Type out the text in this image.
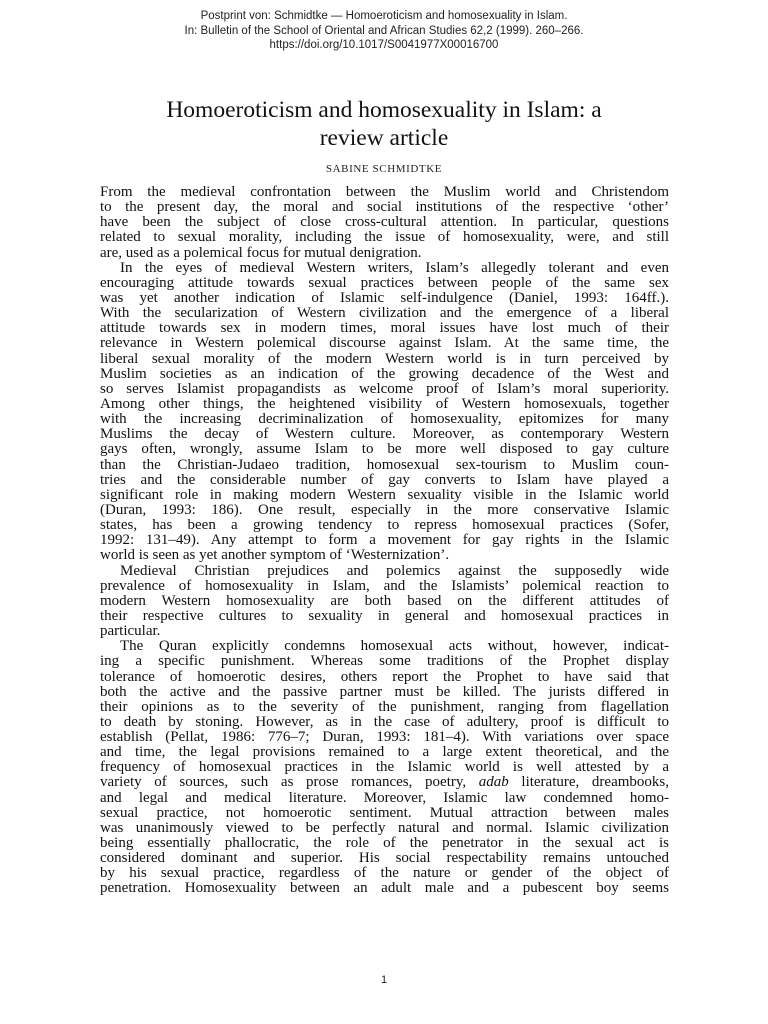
Postprint von: Schmidtke — Homoeroticism and homosexuality in Islam.
In: Bulletin of the School of Oriental and African Studies 62,2 (1999). 260–266.
https://doi.org/10.1017/S0041977X00016700
Homoeroticism and homosexuality in Islam: a
review article
SABINE SCHMIDTKE
From the medieval confrontation between the Muslim world and Christendom
to the present day, the moral and social institutions of the respective ‘other’
have been the subject of close cross-cultural attention. In particular, questions
related to sexual morality, including the issue of homosexuality, were, and still
are, used as a polemical focus for mutual denigration.
In the eyes of medieval Western writers, Islam’s allegedly tolerant and even
encouraging attitude towards sexual practices between people of the same sex
was yet another indication of Islamic self-indulgence (Daniel, 1993: 164ff.).
With the secularization of Western civilization and the emergence of a liberal
attitude towards sex in modern times, moral issues have lost much of their
relevance in Western polemical discourse against Islam. At the same time, the
liberal sexual morality of the modern Western world is in turn perceived by
Muslim societies as an indication of the growing decadence of the West and
so serves Islamist propagandists as welcome proof of Islam’s moral superiority.
Among other things, the heightened visibility of Western homosexuals, together
with the increasing decriminalization of homosexuality, epitomizes for many
Muslims the decay of Western culture. Moreover, as contemporary Western
gays often, wrongly, assume Islam to be more well disposed to gay culture
than the Christian-Judaeo tradition, homosexual sex-tourism to Muslim coun-
tries and the considerable number of gay converts to Islam have played a
significant role in making modern Western sexuality visible in the Islamic world
(Duran, 1993: 186). One result, especially in the more conservative Islamic
states, has been a growing tendency to repress homosexual practices (Sofer,
1992: 131–49). Any attempt to form a movement for gay rights in the Islamic
world is seen as yet another symptom of ‘Westernization’.
Medieval Christian prejudices and polemics against the supposedly wide
prevalence of homosexuality in Islam, and the Islamists’ polemical reaction to
modern Western homosexuality are both based on the different attitudes of
their respective cultures to sexuality in general and homosexual practices in
particular.
The Quran explicitly condemns homosexual acts without, however, indicat-
ing a specific punishment. Whereas some traditions of the Prophet display
tolerance of homoerotic desires, others report the Prophet to have said that
both the active and the passive partner must be killed. The jurists differed in
their opinions as to the severity of the punishment, ranging from flagellation
to death by stoning. However, as in the case of adultery, proof is difficult to
establish (Pellat, 1986: 776–7; Duran, 1993: 181–4). With variations over space
and time, the legal provisions remained to a large extent theoretical, and the
frequency of homosexual practices in the Islamic world is well attested by a
variety of sources, such as prose romances, poetry, adab literature, dreambooks,
and legal and medical literature. Moreover, Islamic law condemned homo-
sexual practice, not homoerotic sentiment. Mutual attraction between males
was unanimously viewed to be perfectly natural and normal. Islamic civilization
being essentially phallocratic, the role of the penetrator in the sexual act is
considered dominant and superior. His social respectability remains untouched
by his sexual practice, regardless of the nature or gender of the object of
penetration. Homosexuality between an adult male and a pubescent boy seems
1
